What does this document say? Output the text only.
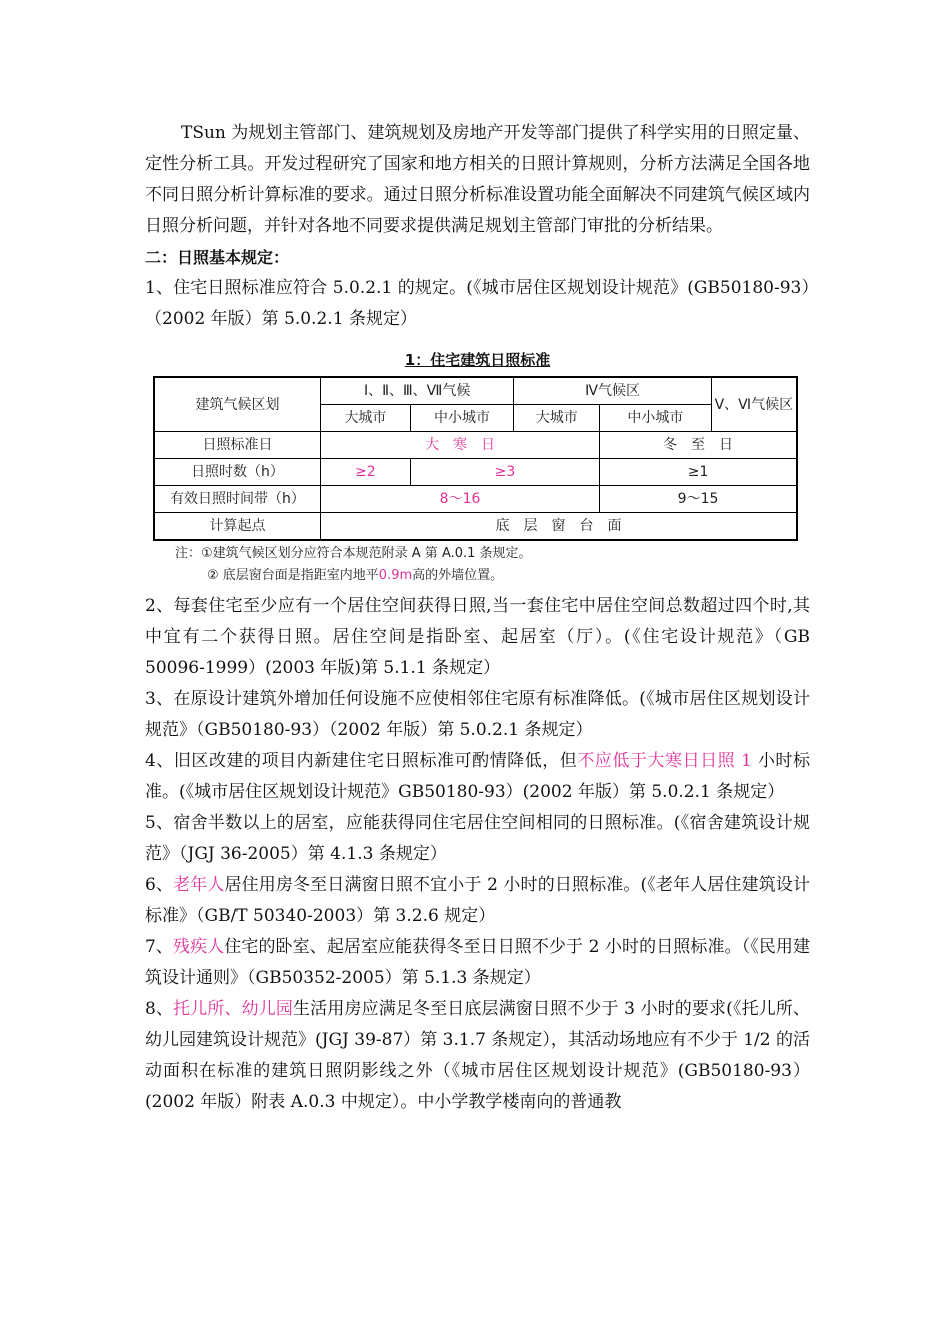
TSun 为规划主管部门、建筑规划及房地产开发等部门提供了科学实用的日照定量、定性分析工具。开发过程研究了国家和地方相关的日照计算规则，分析方法满足全国各地不同日照分析计算标准的要求。通过日照分析标准设置功能全面解决不同建筑气候区域内日照分析问题，并针对各地不同要求提供满足规划主管部门审批的分析结果。

二：日照基本规定：

1、住宅日照标准应符合 5.0.2.1 的规定。(《城市居住区规划设计规范》(GB50180-93）（2002 年版）第 5.0.2.1 条规定）

1：住宅建筑日照标准
建筑气候区划	Ⅰ、Ⅱ、Ⅲ、Ⅶ气候		Ⅳ气候区		Ⅴ、Ⅵ气候区
	大城市	中小城市	大城市	中小城市	
日照标准日	大　寒　日			冬　至　日	
日照时数（h）	≥2	≥3		≥1	
有效日照时间带（h）	8～16			9～15	
计算起点	底　层　窗　台　面				
注：①建筑气候区划分应符合本规范附录 A 第 A.0.1 条规定。
② 底层窗台面是指距室内地平0.9m高的外墙位置。

2、每套住宅至少应有一个居住空间获得日照,当一套住宅中居住空间总数超过四个时,其中宜有二个获得日照。居住空间是指卧室、起居室（厅）。(《住宅设计规范》（GB 50096-1999）(2003 年版)第 5.1.1 条规定）

3、在原设计建筑外增加任何设施不应使相邻住宅原有标准降低。(《城市居住区规划设计规范》（GB50180-93）（2002 年版）第 5.0.2.1 条规定）

4、旧区改建的项目内新建住宅日照标准可酌情降低，但不应低于大寒日日照 1 小时标准。(《城市居住区规划设计规范》GB50180-93）(2002 年版）第 5.0.2.1 条规定）

5、宿舍半数以上的居室，应能获得同住宅居住空间相同的日照标准。(《宿舍建筑设计规范》（JGJ 36-2005）第 4.1.3 条规定）

6、老年人居住用房冬至日满窗日照不宜小于 2 小时的日照标准。(《老年人居住建筑设计标准》（GB/T 50340-2003）第 3.2.6 规定）

7、残疾人住宅的卧室、起居室应能获得冬至日日照不少于 2 小时的日照标准。（《民用建筑设计通则》（GB50352-2005）第 5.1.3 条规定）

8、托儿所、幼儿园生活用房应满足冬至日底层满窗日照不少于 3 小时的要求(《托儿所、幼儿园建筑设计规范》(JGJ 39-87）第 3.1.7 条规定），其活动场地应有不少于 1/2 的活动面积在标准的建筑日照阴影线之外（《城市居住区规划设计规范》(GB50180-93）(2002 年版）附表 A.0.3 中规定）。中小学教学楼南向的普通教
